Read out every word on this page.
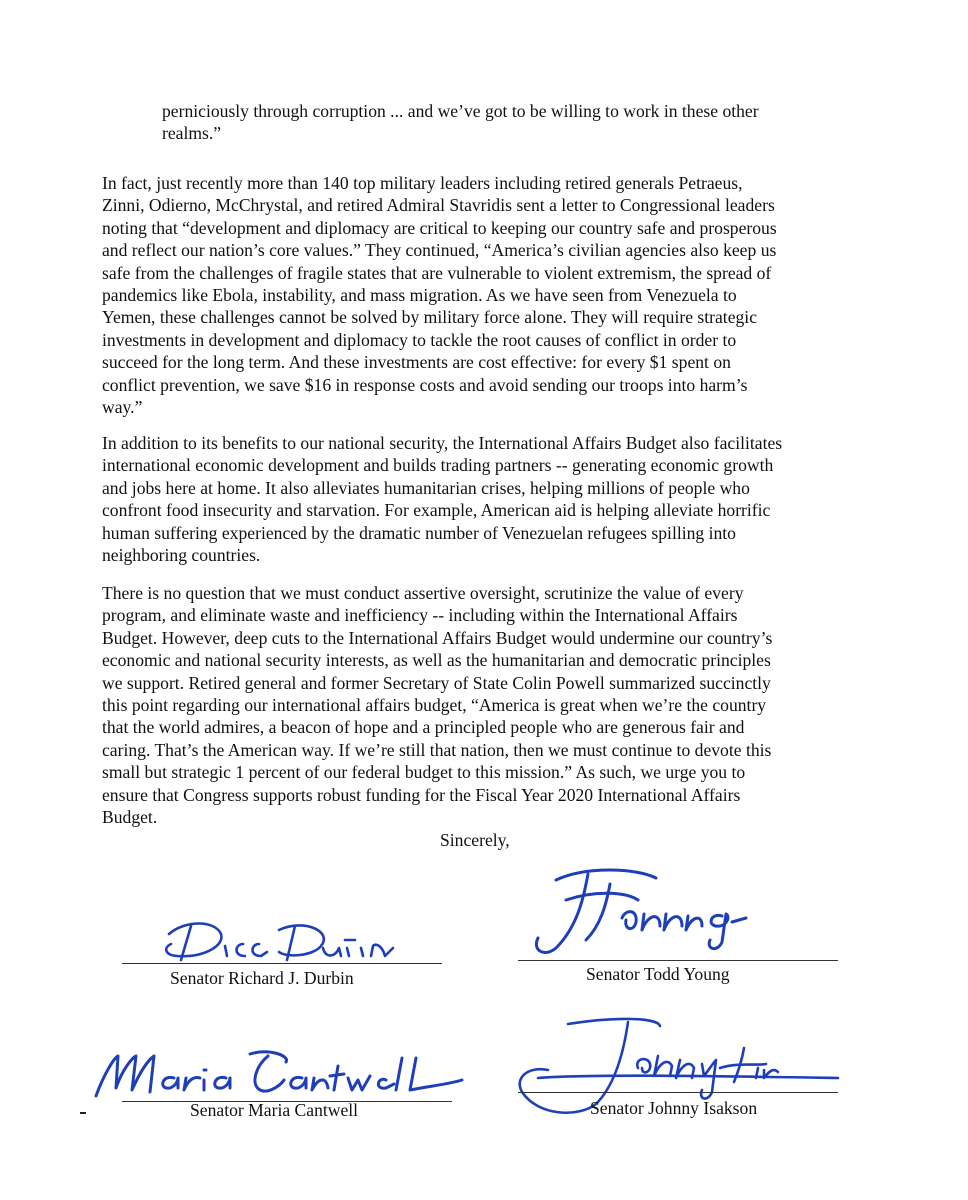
perniciously through corruption ... and we’ve got to be willing to work in these other
realms.”

In fact, just recently more than 140 top military leaders including retired generals Petraeus,
Zinni, Odierno, McChrystal, and retired Admiral Stavridis sent a letter to Congressional leaders
noting that “development and diplomacy are critical to keeping our country safe and prosperous
and reflect our nation’s core values.” They continued, “America’s civilian agencies also keep us
safe from the challenges of fragile states that are vulnerable to violent extremism, the spread of
pandemics like Ebola, instability, and mass migration. As we have seen from Venezuela to
Yemen, these challenges cannot be solved by military force alone. They will require strategic
investments in development and diplomacy to tackle the root causes of conflict in order to
succeed for the long term. And these investments are cost effective: for every $1 spent on
conflict prevention, we save $16 in response costs and avoid sending our troops into harm’s
way.”

In addition to its benefits to our national security, the International Affairs Budget also facilitates
international economic development and builds trading partners -- generating economic growth
and jobs here at home. It also alleviates humanitarian crises, helping millions of people who
confront food insecurity and starvation. For example, American aid is helping alleviate horrific
human suffering experienced by the dramatic number of Venezuelan refugees spilling into
neighboring countries.

There is no question that we must conduct assertive oversight, scrutinize the value of every
program, and eliminate waste and inefficiency -- including within the International Affairs
Budget. However, deep cuts to the International Affairs Budget would undermine our country’s
economic and national security interests, as well as the humanitarian and democratic principles
we support. Retired general and former Secretary of State Colin Powell summarized succinctly
this point regarding our international affairs budget, “America is great when we’re the country
that the world admires, a beacon of hope and a principled people who are generous fair and
caring. That’s the American way. If we’re still that nation, then we must continue to devote this
small but strategic 1 percent of our federal budget to this mission.” As such, we urge you to
ensure that Congress supports robust funding for the Fiscal Year 2020 International Affairs
Budget.

Sincerely,
Senator Richard J. Durbin	Senator Todd Young
Senator Maria Cantwell	Senator Johnny Isakson
